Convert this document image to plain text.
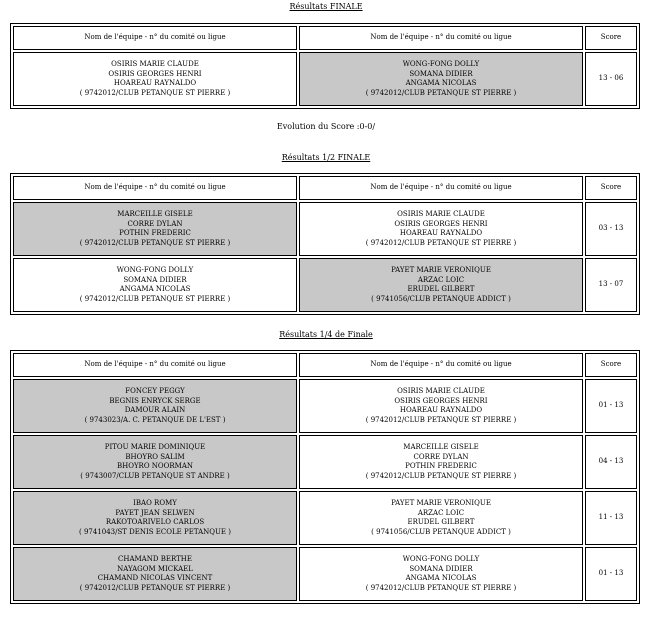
Résultats FINALE
Nom de l'équipe - n° du comité ou ligue	Nom de l'équipe - n° du comité ou ligue	Score

OSIRIS MARIE CLAUDE
OSIRIS GEORGES HENRI
HOAREAU RAYNALDO
( 9742012/CLUB PETANQUE ST PIERRE )	WONG-FONG DOLLY
SOMANA DIDIER
ANGAMA NICOLAS
( 9742012/CLUB PETANQUE ST PIERRE )	13 - 06
Evolution du Score :0-0/
Résultats 1/2 FINALE
Nom de l'équipe - n° du comité ou ligue	Nom de l'équipe - n° du comité ou ligue	Score

MARCEILLE GISÈLE
CORRE DYLAN
POTHIN FRÉDÉRIC
( 9742012/CLUB PETANQUE ST PIERRE )	OSIRIS MARIE CLAUDE
OSIRIS GEORGES HENRI
HOAREAU RAYNALDO
( 9742012/CLUB PETANQUE ST PIERRE )	03 - 13

WONG-FONG DOLLY
SOMANA DIDIER
ANGAMA NICOLAS
( 9742012/CLUB PETANQUE ST PIERRE )	PAYET MARIE VÉRONIQUE
ARZAC LOÏC
ERUDEL GILBERT
( 9741056/CLUB PETANQUE ADDICT )	13 - 07
Résultats 1/4 de Finale
Nom de l'équipe - n° du comité ou ligue	Nom de l'équipe - n° du comité ou ligue	Score

FONCEY PEGGY
BEGNIS ENRYCK SERGE
DAMOUR ALAIN
( 9743023/A. C. PETANQUE DE L'EST )	OSIRIS MARIE CLAUDE
OSIRIS GEORGES HENRI
HOAREAU RAYNALDO
( 9742012/CLUB PETANQUE ST PIERRE )	01 - 13

PITOU MARIE DOMINIQUE
BHOYRO SALIM
BHOYRO NOORMAN
( 9743007/CLUB PETANQUE ST ANDRE )	MARCEILLE GISÈLE
CORRE DYLAN
POTHIN FRÉDÉRIC
( 9742012/CLUB PETANQUE ST PIERRE )	04 - 13

IBAO ROMY
PAYET JEAN SELWEN
RAKOTOARIVELO CARLOS
( 9741043/ST DENIS ECOLE PETANQUE )	PAYET MARIE VÉRONIQUE
ARZAC LOÏC
ERUDEL GILBERT
( 9741056/CLUB PETANQUE ADDICT )	11 - 13

CHAMAND BERTHE
NAYAGOM MICKAËL
CHAMAND NICOLAS VINCENT
( 9742012/CLUB PETANQUE ST PIERRE )	WONG-FONG DOLLY
SOMANA DIDIER
ANGAMA NICOLAS
( 9742012/CLUB PETANQUE ST PIERRE )	01 - 13
